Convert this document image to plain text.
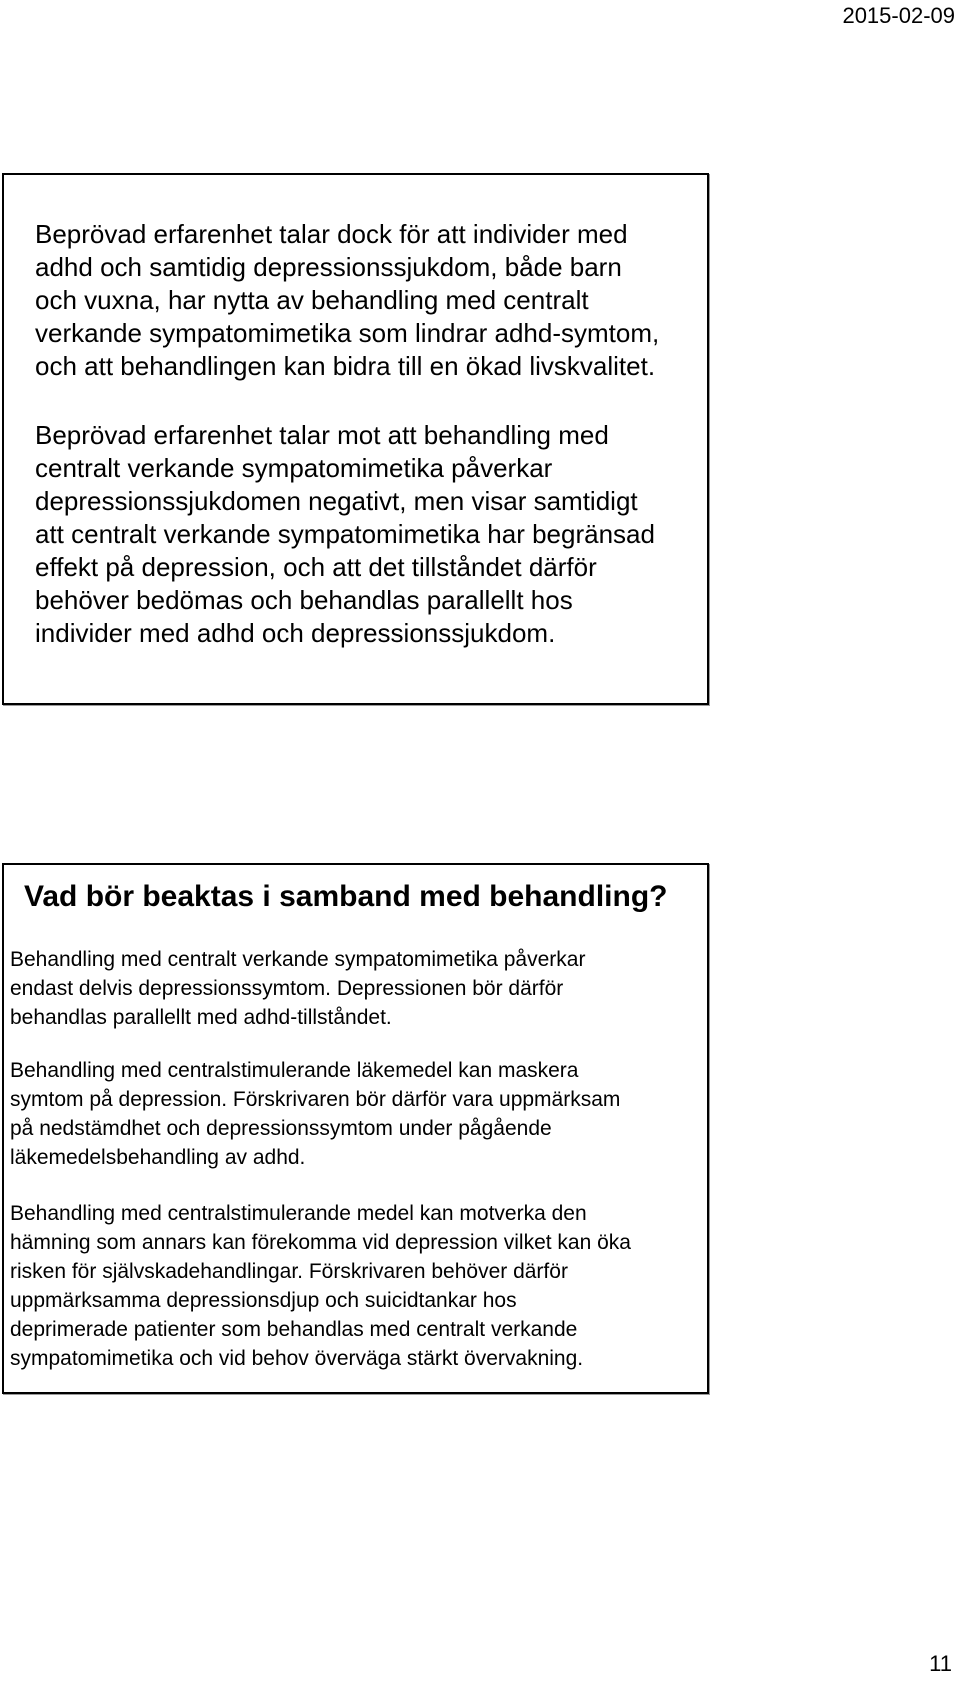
2015-02-09

Beprövad erfarenhet talar dock för att individer med
adhd och samtidig depressionssjukdom, både barn
och vuxna, har nytta av behandling med centralt
verkande sympatomimetika som lindrar adhd-symtom,
och att behandlingen kan bidra till en ökad livskvalitet.

Beprövad erfarenhet talar mot att behandling med
centralt verkande sympatomimetika påverkar
depressionssjukdomen negativt, men visar samtidigt
att centralt verkande sympatomimetika har begränsad
effekt på depression, och att det tillståndet därför
behöver bedömas och behandlas parallellt hos
individer med adhd och depressionssjukdom.

Vad bör beaktas i samband med behandling?

Behandling med centralt verkande sympatomimetika påverkar
endast delvis depressionssymtom. Depressionen bör därför
behandlas parallellt med adhd-tillståndet.

Behandling med centralstimulerande läkemedel kan maskera
symtom på depression. Förskrivaren bör därför vara uppmärksam
på nedstämdhet och depressionssymtom under pågående
läkemedelsbehandling av adhd.

Behandling med centralstimulerande medel kan motverka den
hämning som annars kan förekomma vid depression vilket kan öka
risken för självskadehandlingar. Förskrivaren behöver därför
uppmärksamma depressionsdjup och suicidtankar hos
deprimerade patienter som behandlas med centralt verkande
sympatomimetika och vid behov överväga stärkt övervakning.

11
